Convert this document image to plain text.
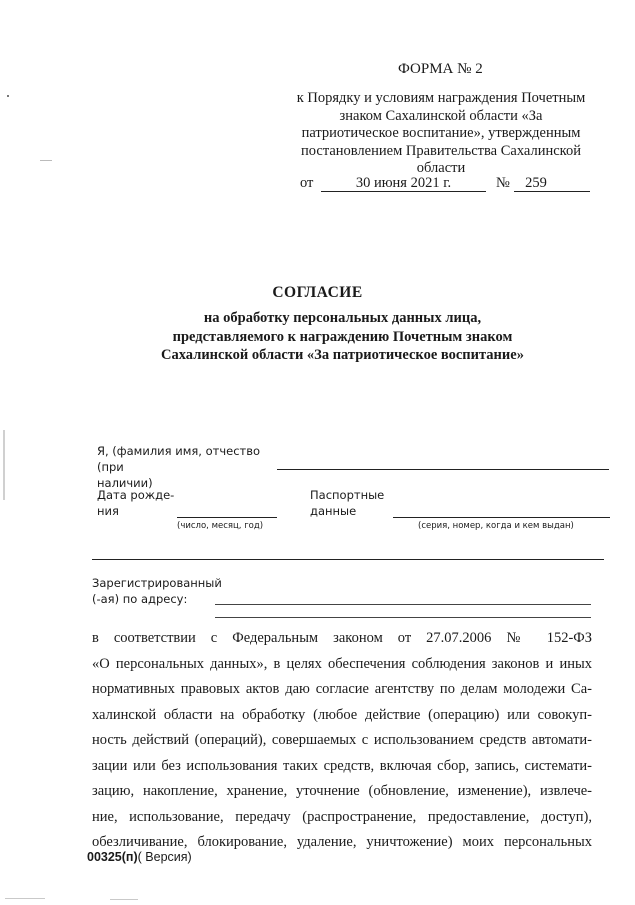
ФОРМА № 2
к Порядку и условиям награждения Почетным
знаком Сахалинской области «За
патриотическое воспитание», утвержденным
постановлением Правительства Сахалинской
области
от	30 июня 2021 г.	№	259
СОГЛАСИЕ
на обработку персональных данных лица,
представляемого к награждению Почетным знаком
Сахалинской области «За патриотическое воспитание»
Я, (фамилия имя, отчество (при
наличии)
Дата рожде-
ния
(число, месяц, год)
Паспортные
данные
(серия, номер, когда и кем выдан)
Зарегистрированный
(-ая) по адресу:
в соответствии с Федеральным законом от 27.07.2006 № 152-ФЗ
«О персональных данных», в целях обеспечения соблюдения законов и иных
нормативных правовых актов даю согласие агентству по делам молодежи Са-
халинской области на обработку (любое действие (операцию) или совокуп-
ность действий (операций), совершаемых с использованием средств автомати-
зации или без использования таких средств, включая сбор, запись, системати-
зацию, накопление, хранение, уточнение (обновление, изменение), извлече-
ние, использование, передачу (распространение, предоставление, доступ),
обезличивание, блокирование, удаление, уничтожение) моих персональных
00325(п)( Версия)
